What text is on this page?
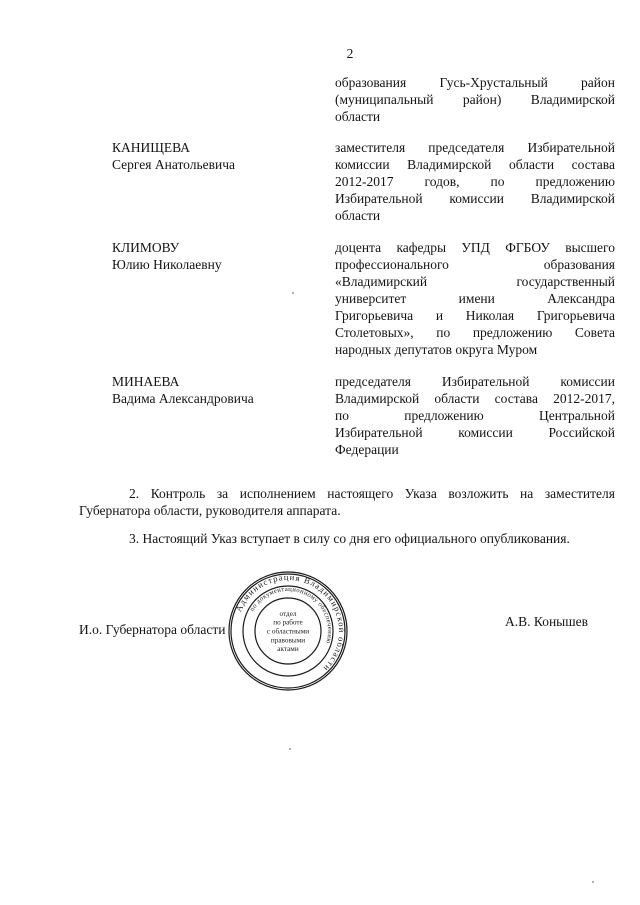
2
образования Гусь-Хрустальный район
(муниципальный район) Владимирской
области
КАНИЩЕВА
Сергея Анатольевича
заместителя председателя Избирательной
комиссии Владимирской области состава
2012-2017 годов, по предложению
Избирательной комиссии Владимирской
области
КЛИМОВУ
Юлию Николаевну
доцента кафедры УПД ФГБОУ высшего
профессионального образования
«Владимирский государственный
университет имени Александра
Григорьевича и Николая Григорьевича
Столетовых», по предложению Совета
народных депутатов округа Муром
МИНАЕВА
Вадима Александровича
председателя Избирательной комиссии
Владимирской области состава 2012-2017,
по предложению Центральной
Избирательной комиссии Российской
Федерации

2. Контроль за исполнением настоящего Указа возложить на заместителя Губернатора области, руководителя аппарата.

3. Настоящий Указ вступает в силу со дня его официального опубликования.

И.о. Губернатора области
А.В. Конышев
Администрация Владимирской области
по документационному обеспечению
отдел
по работе
с областными
правовыми
актами
